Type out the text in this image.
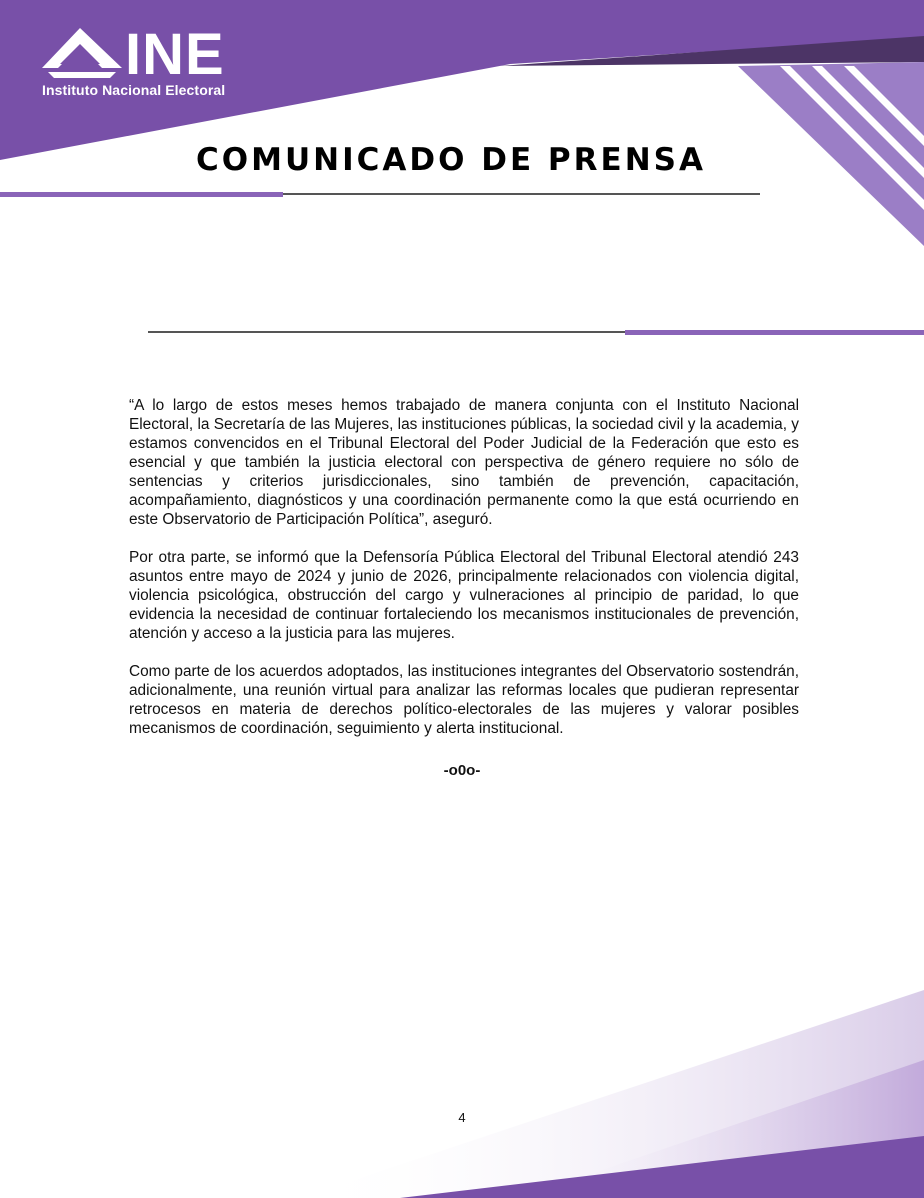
INE
Instituto Nacional Electoral
COMUNICADO DE PRENSA

“A lo largo de estos meses hemos trabajado de manera conjunta con el Instituto Nacional Electoral, la Secretaría de las Mujeres, las instituciones públicas, la sociedad civil y la academia, y estamos convencidos en el Tribunal Electoral del Poder Judicial de la Federación que esto es esencial y que también la justicia electoral con perspectiva de género requiere no sólo de sentencias y criterios jurisdiccionales, sino también de prevención, capacitación, acompañamiento, diagnósticos y una coordinación permanente como la que está ocurriendo en este Observatorio de Participación Política”, aseguró.

Por otra parte, se informó que la Defensoría Pública Electoral del Tribunal Electoral atendió 243 asuntos entre mayo de 2024 y junio de 2026, principalmente relacionados con violencia digital, violencia psicológica, obstrucción del cargo y vulneraciones al principio de paridad, lo que evidencia la necesidad de continuar fortaleciendo los mecanismos institucionales de prevención, atención y acceso a la justicia para las mujeres.

Como parte de los acuerdos adoptados, las instituciones integrantes del Observatorio sostendrán, adicionalmente, una reunión virtual para analizar las reformas locales que pudieran representar retrocesos en materia de derechos político-electorales de las mujeres y valorar posibles mecanismos de coordinación, seguimiento y alerta institucional.

-o0o-
4
